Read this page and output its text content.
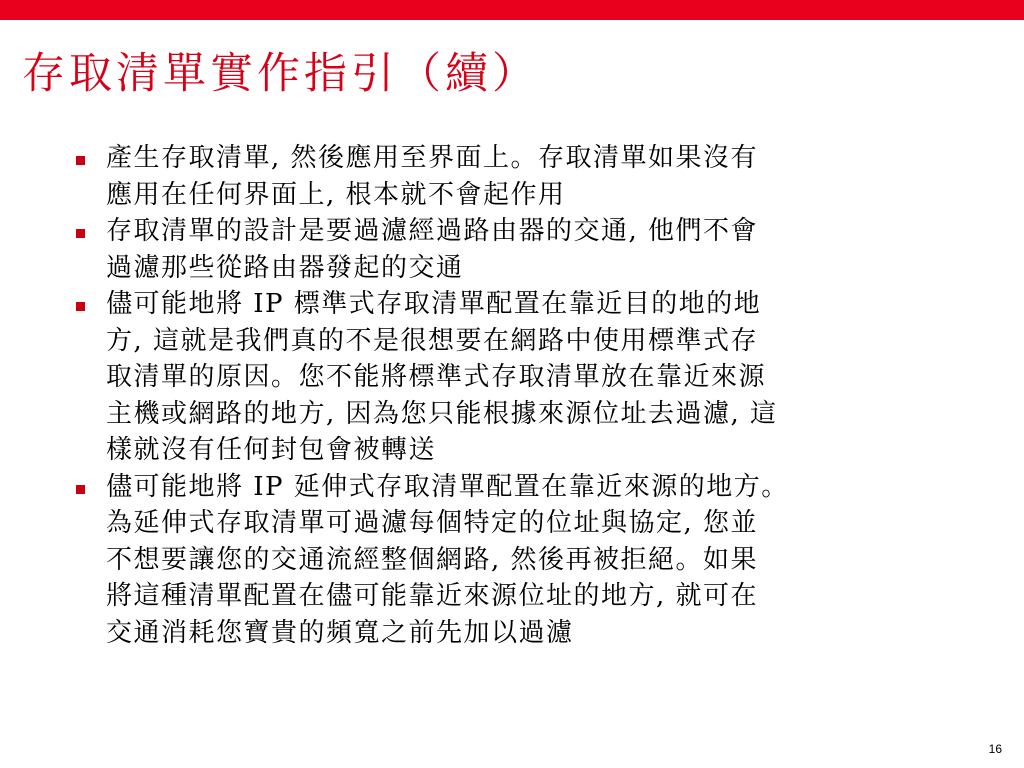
存取清單實作指引（續）
產生存取清單, 然後應用至界面上。存取清單如果沒有
應用在任何界面上, 根本就不會起作用
存取清單的設計是要過濾經過路由器的交通, 他們不會
過濾那些從路由器發起的交通
儘可能地將 IP 標準式存取清單配置在靠近目的地的地
方, 這就是我們真的不是很想要在網路中使用標準式存
取清單的原因。您不能將標準式存取清單放在靠近來源
主機或網路的地方, 因為您只能根據來源位址去過濾, 這
樣就沒有任何封包會被轉送
儘可能地將 IP 延伸式存取清單配置在靠近來源的地方。
為延伸式存取清單可過濾每個特定的位址與協定, 您並
不想要讓您的交通流經整個網路, 然後再被拒絕。如果
將這種清單配置在儘可能靠近來源位址的地方, 就可在
交通消耗您寶貴的頻寬之前先加以過濾
16
